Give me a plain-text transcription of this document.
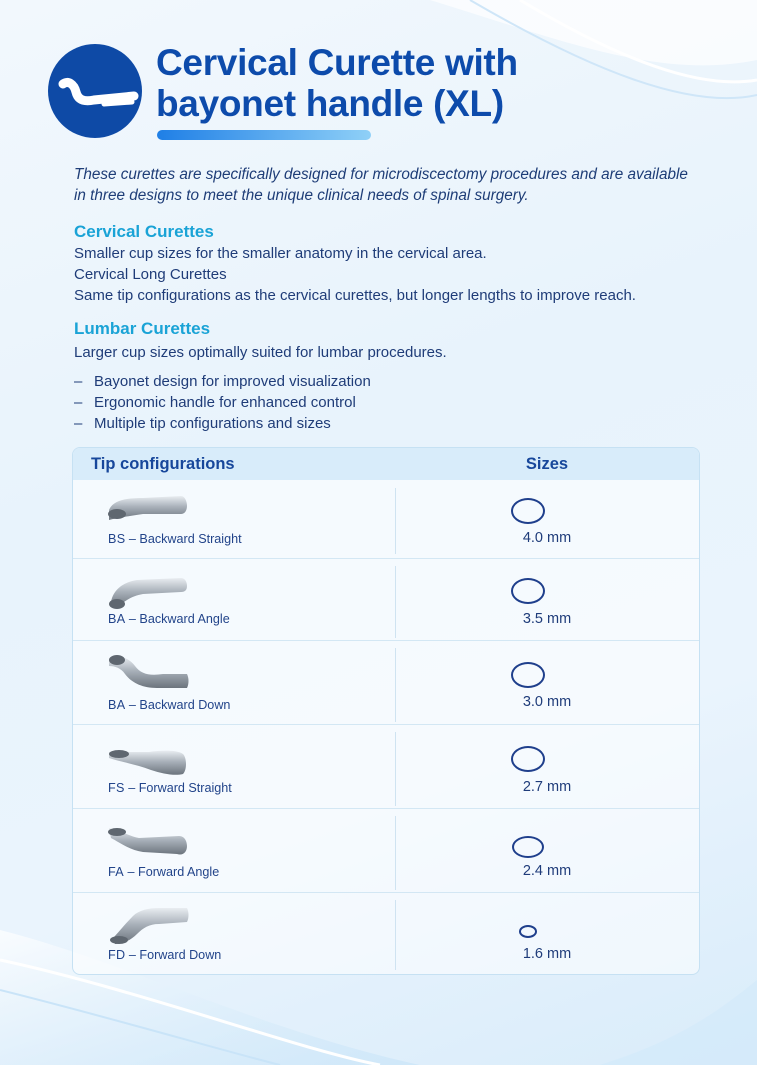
Cervical Curette with
bayonet handle (XL)

These curettes are specifically designed for microdiscectomy procedures and are available in three designs to meet the unique clinical needs of spinal surgery.

Cervical Curettes

Smaller cup sizes for the smaller anatomy in the cervical area.

Cervical Long Curettes

Same tip configurations as the cervical curettes, but longer lengths to improve reach.

Lumbar Curettes

Larger cup sizes optimally suited for lumbar procedures.

– Bayonet design for improved visualization
– Ergonomic handle for enhanced control
– Multiple tip configurations and sizes
Tip configurations	Sizes
BS – Backward Straight	4.0 mm
BA – Backward Angle	3.5 mm
BA – Backward Down	3.0 mm
FS – Forward Straight	2.7 mm
FA – Forward Angle	2.4 mm
FD – Forward Down	1.6 mm
